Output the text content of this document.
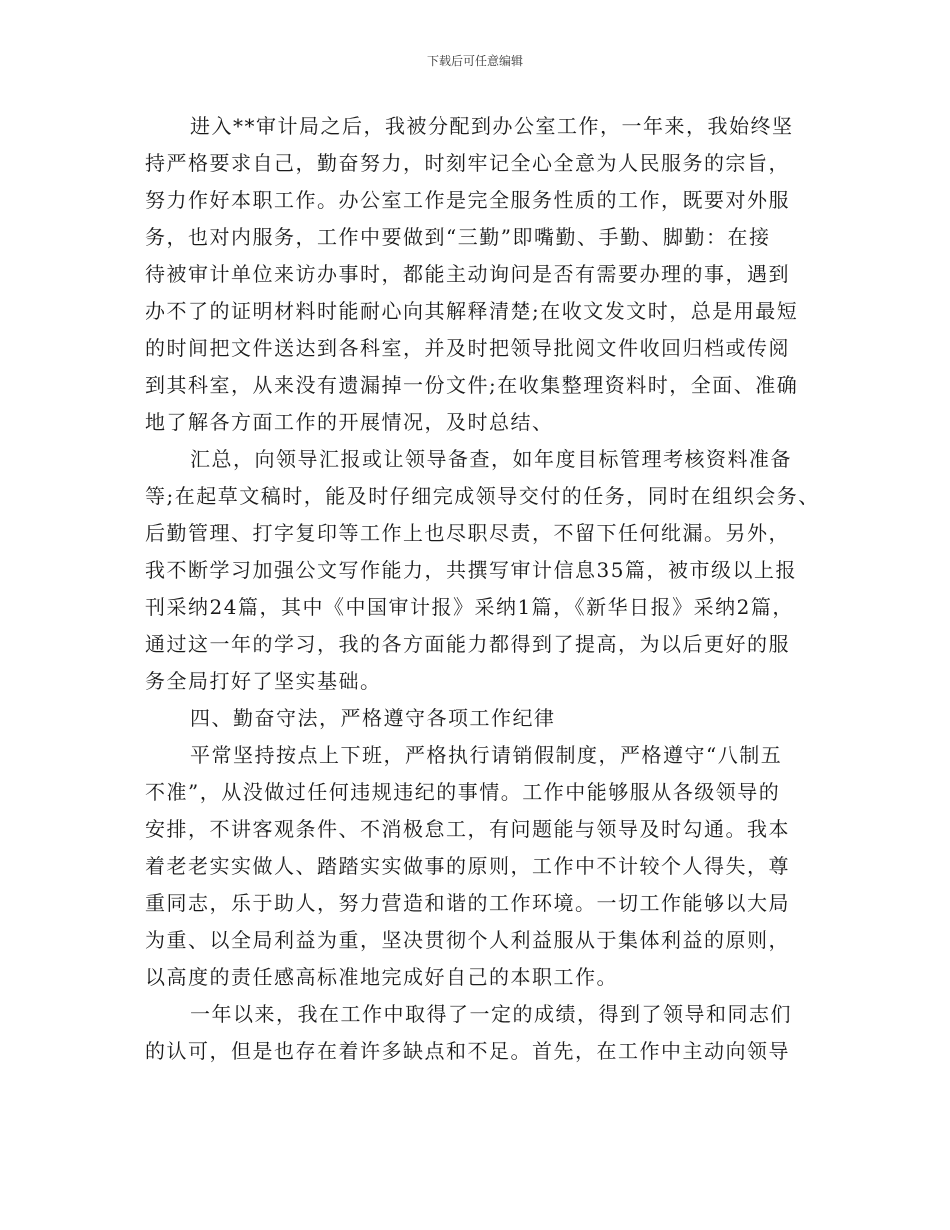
下载后可任意编辑
进入**审计局之后，我被分配到办公室工作，一年来，我始终坚
持严格要求自己，勤奋努力，时刻牢记全心全意为人民服务的宗旨，
努力作好本职工作。办公室工作是完全服务性质的工作，既要对外服
务，也对内服务，工作中要做到“三勤”即嘴勤、手勤、脚勤：在接
待被审计单位来访办事时，都能主动询问是否有需要办理的事，遇到
办不了的证明材料时能耐心向其解释清楚;在收文发文时，总是用最短
的时间把文件送达到各科室，并及时把领导批阅文件收回归档或传阅
到其科室，从来没有遗漏掉一份文件;在收集整理资料时，全面、准确
地了解各方面工作的开展情况，及时总结、
汇总，向领导汇报或让领导备查，如年度目标管理考核资料准备
等;在起草文稿时，能及时仔细完成领导交付的任务，同时在组织会务、
后勤管理、打字复印等工作上也尽职尽责，不留下任何纰漏。另外，
我不断学习加强公文写作能力，共撰写审计信息35篇，被市级以上报
刊采纳24篇，其中《中国审计报》采纳1篇，《新华日报》采纳2篇，
通过这一年的学习，我的各方面能力都得到了提高，为以后更好的服
务全局打好了坚实基础。
四、勤奋守法，严格遵守各项工作纪律
平常坚持按点上下班，严格执行请销假制度，严格遵守“八制五
不准”，从没做过任何违规违纪的事情。工作中能够服从各级领导的
安排，不讲客观条件、不消极怠工，有问题能与领导及时勾通。我本
着老老实实做人、踏踏实实做事的原则，工作中不计较个人得失，尊
重同志，乐于助人，努力营造和谐的工作环境。一切工作能够以大局
为重、以全局利益为重，坚决贯彻个人利益服从于集体利益的原则，
以高度的责任感高标准地完成好自己的本职工作。
一年以来，我在工作中取得了一定的成绩，得到了领导和同志们
的认可，但是也存在着许多缺点和不足。首先，在工作中主动向领导
